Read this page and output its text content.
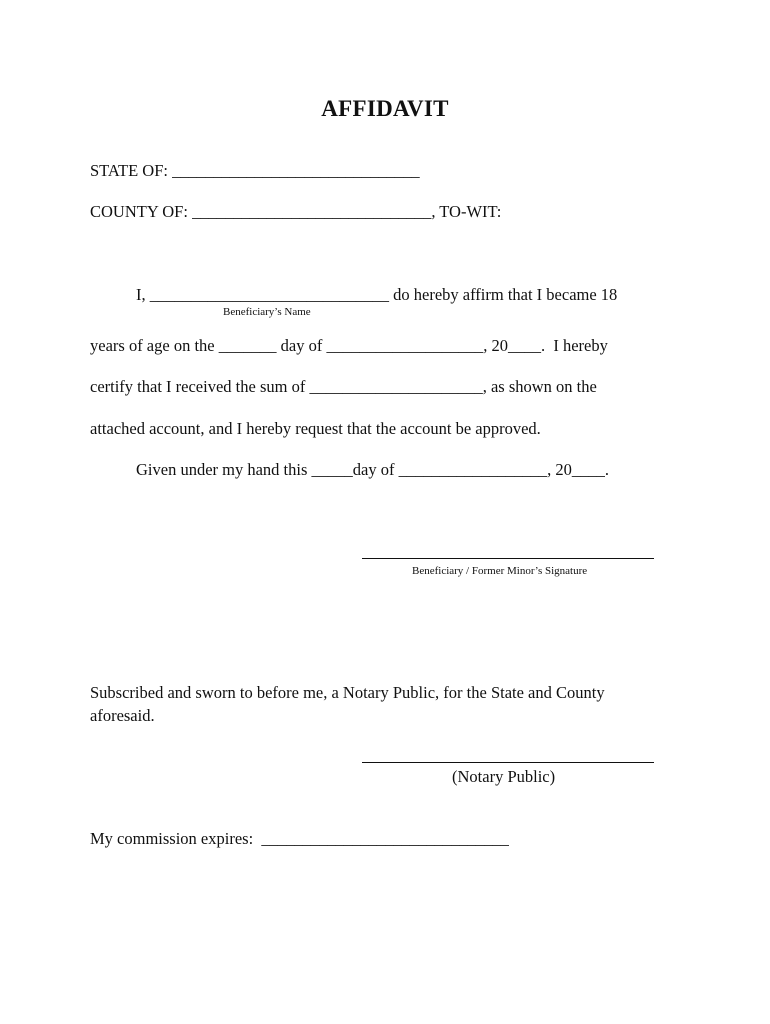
AFFIDAVIT
STATE OF: ______________________________
COUNTY OF: _____________________________, TO-WIT:
I, _____________________________ do hereby affirm that I became 18
Beneficiary’s Name
years of age on the _______ day of ___________________, 20____.  I hereby
certify that I received the sum of _____________________, as shown on the
attached account, and I hereby request that the account be approved.
Given under my hand this _____day of __________________, 20____.
Beneficiary / Former Minor’s Signature
Subscribed and sworn to before me, a Notary Public, for the State and County
aforesaid.
(Notary Public)
My commission expires:  ______________________________
